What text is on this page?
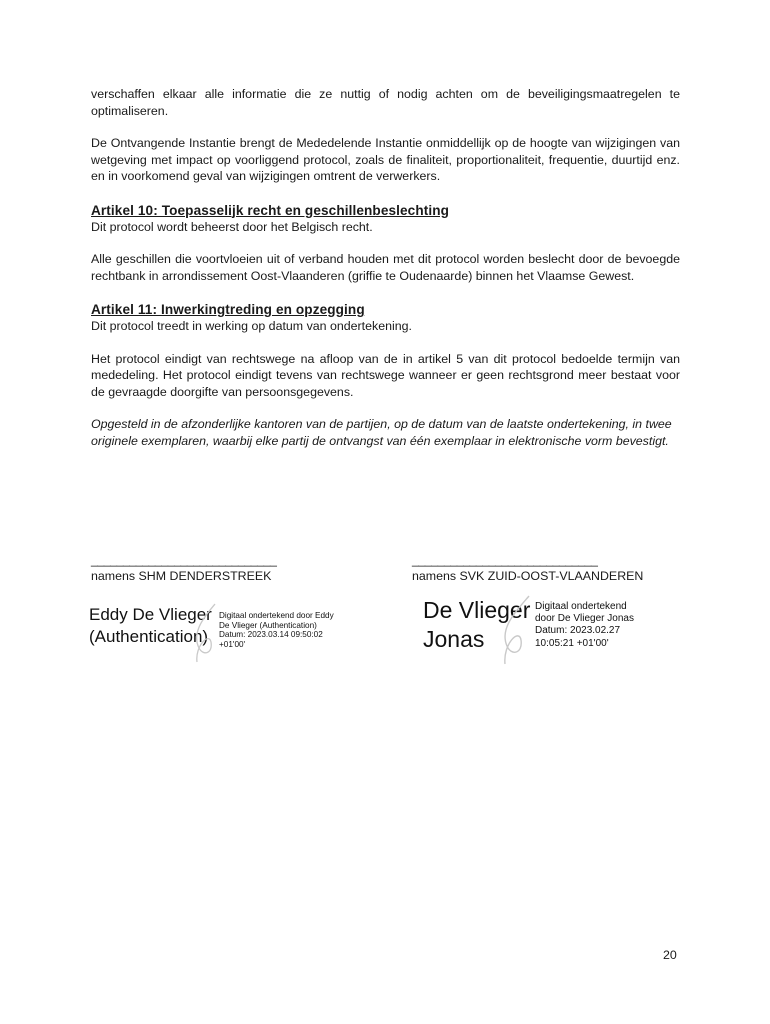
verschaffen elkaar alle informatie die ze nuttig of nodig achten om de beveiligingsmaatregelen te optimaliseren.

De Ontvangende Instantie brengt de Mededelende Instantie onmiddellijk op de hoogte van wijzigingen van wetgeving met impact op voorliggend protocol, zoals de finaliteit, proportionaliteit, frequentie, duurtijd enz. en in voorkomend geval van wijzigingen omtrent de verwerkers.

Artikel 10: Toepasselijk recht en geschillenbeslechting

Dit protocol wordt beheerst door het Belgisch recht.

Alle geschillen die voortvloeien uit of verband houden met dit protocol worden beslecht door de bevoegde rechtbank in arrondissement Oost-Vlaanderen (griffie te Oudenaarde) binnen het Vlaamse Gewest.

Artikel 11: Inwerkingtreding en opzegging

Dit protocol treedt in werking op datum van ondertekening.

Het protocol eindigt van rechtswege na afloop van de in artikel 5 van dit protocol bedoelde termijn van mededeling. Het protocol eindigt tevens van rechtswege wanneer er geen rechtsgrond meer bestaat voor de gevraagde doorgifte van persoonsgegevens.

Opgesteld in de afzonderlijke kantoren van de partijen, op de datum van de laatste ondertekening, in twee originele exemplaren, waarbij elke partij de ontvangst van één exemplaar in elektronische vorm bevestigt.

_____________________________
namens SHM DENDERSTREEK
_____________________________
namens SVK ZUID-OOST-VLAANDEREN
Eddy De Vlieger
(Authentication)
Digitaal ondertekend door Eddy
De Vlieger (Authentication)
Datum: 2023.03.14 09:50:02
+01'00'
De Vlieger
Jonas
Digitaal ondertekend
door De Vlieger Jonas
Datum: 2023.02.27
10:05:21 +01'00'
20
